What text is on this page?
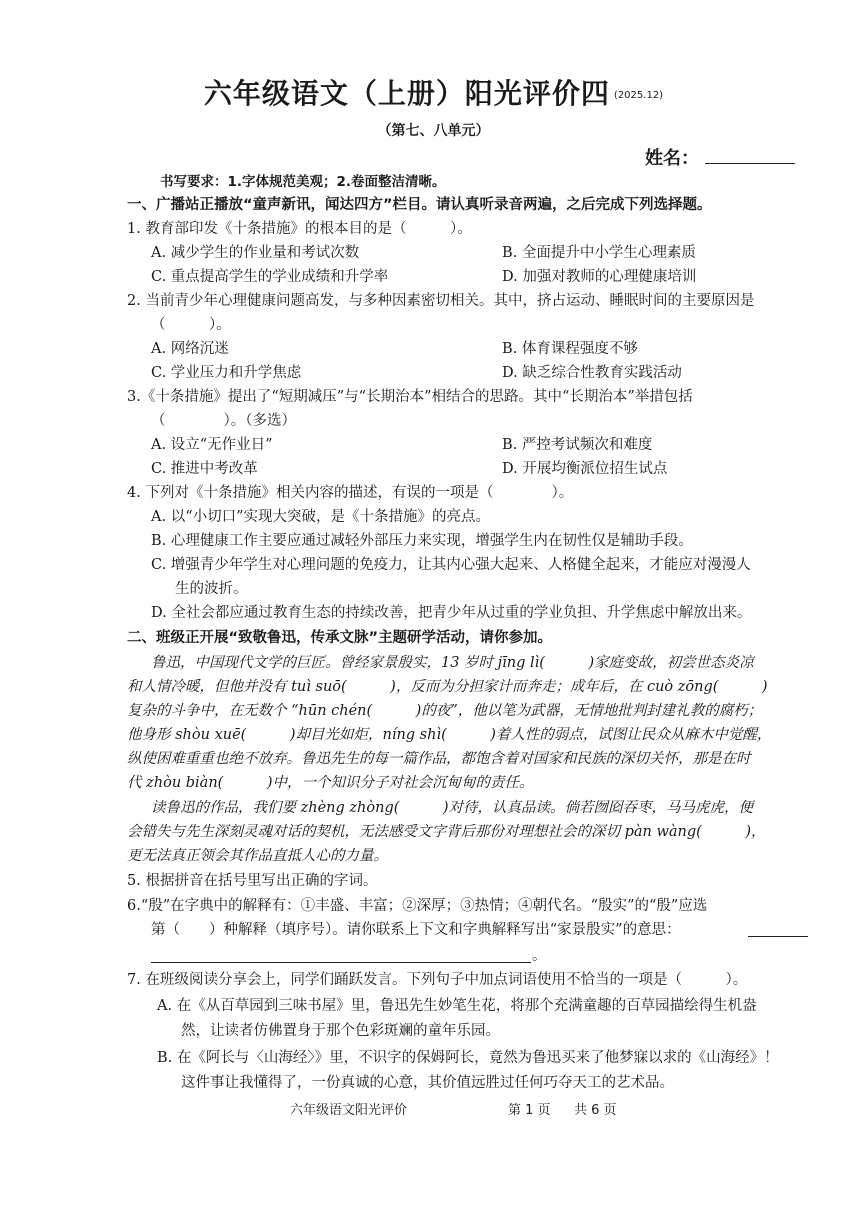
六年级语文（上册）阳光评价四 (2025.12)
（第七、八单元）
姓名：
书写要求：1.字体规范美观；2.卷面整洁清晰。
一、广播站正播放“童声新讯，闻达四方”栏目。请认真听录音两遍，之后完成下列选择题。
1. 教育部印发《十条措施》的根本目的是（　　　）。
A. 减少学生的作业量和考试次数	B. 全面提升中小学生心理素质
C. 重点提高学生的学业成绩和升学率	D. 加强对教师的心理健康培训
2. 当前青少年心理健康问题高发，与多种因素密切相关。其中，挤占运动、睡眠时间的主要原因是
（　　　）。
A. 网络沉迷	B. 体育课程强度不够
C. 学业压力和升学焦虑	D. 缺乏综合性教育实践活动
3.《十条措施》提出了“短期减压”与“长期治本”相结合的思路。其中“长期治本”举措包括
（　　　　）。（多选）
A. 设立“无作业日”	B. 严控考试频次和难度
C. 推进中考改革	D. 开展均衡派位招生试点
4. 下列对《十条措施》相关内容的描述，有误的一项是（　　　　）。
A. 以“小切口”实现大突破，是《十条措施》的亮点。
B. 心理健康工作主要应通过减轻外部压力来实现，增强学生内在韧性仅是辅助手段。
C. 增强青少年学生对心理问题的免疫力，让其内心强大起来、人格健全起来，才能应对漫漫人
生的波折。
D. 全社会都应通过教育生态的持续改善，把青少年从过重的学业负担、升学焦虑中解放出来。
二、班级正开展“致敬鲁迅，传承文脉”主题研学活动，请你参加。
鲁迅，中国现代文学的巨匠。曾经家景殷实，13 岁时 jīng lì(　　　)家庭变故，初尝世态炎凉
和人情冷暖，但他并没有 tuì suō(　　　)，反而为分担家计而奔走；成年后，在 cuò zōng(　　　)
复杂的斗争中，在无数个 “hūn chén(　　　)的夜”，他以笔为武器，无情地批判封建礼教的腐朽；
他身形 shòu xuē(　　　)却目光如炬，níng shì(　　　)着人性的弱点，试图让民众从麻木中觉醒，
纵使困难重重也绝不放弃。鲁迅先生的每一篇作品，都饱含着对国家和民族的深切关怀，那是在时
代 zhòu biàn(　　　)中，一个知识分子对社会沉甸甸的责任。
读鲁迅的作品，我们要 zhèng zhòng(　　　)对待，认真品读。倘若囫囵吞枣，马马虎虎，便
会错失与先生深刻灵魂对话的契机，无法感受文字背后那份对理想社会的深切 pàn wàng(　　　)，
更无法真正领会其作品直抵人心的力量。
5. 根据拼音在括号里写出正确的字词。
6.“殷”在字典中的解释有：①丰盛、丰富；②深厚；③热情；④朝代名。“殷实”的“殷”应选
第（　　）种解释（填序号）。请你联系上下文和字典解释写出“家景殷实”的意思：
。
7. 在班级阅读分享会上，同学们踊跃发言。下列句子中加点词语使用不恰当的一项是（　　　）。
A. 在《从百草园到三味书屋》里，鲁迅先生妙笔生花，将那个充满童趣的百草园描绘得生机盎
然，让读者仿佛置身于那个色彩斑斓的童年乐园。
B. 在《阿长与〈山海经〉》里，不识字的保姆阿长，竟然为鲁迅买来了他梦寐以求的《山海经》！
这件事让我懂得了，一份真诚的心意，其价值远胜过任何巧夺天工的艺术品。
六年级语文阳光评价	第 1 页 共 6 页
